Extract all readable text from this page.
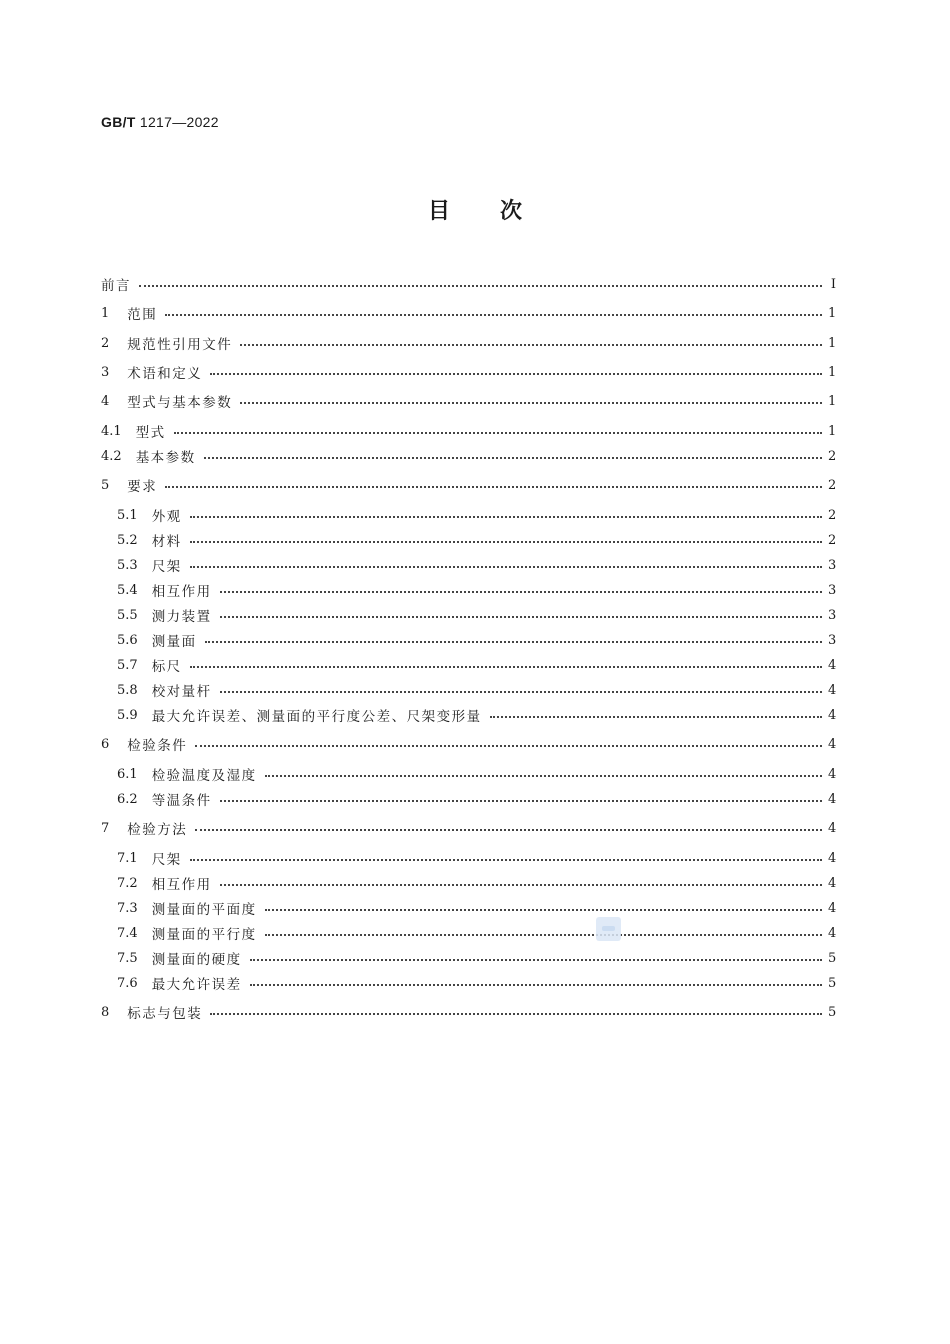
GB/T 1217—2022
目次
前言	Ⅰ
1 范围	1
2 规范性引用文件	1
3 术语和定义	1
4 型式与基本参数	1
4.1 型式	1
4.2 基本参数	2
5 要求	2
5.1 外观	2
5.2 材料	2
5.3 尺架	3
5.4 相互作用	3
5.5 测力装置	3
5.6 测量面	3
5.7 标尺	4
5.8 校对量杆	4
5.9 最大允许误差、测量面的平行度公差、尺架变形量	4
6 检验条件	4
6.1 检验温度及湿度	4
6.2 等温条件	4
7 检验方法	4
7.1 尺架	4
7.2 相互作用	4
7.3 测量面的平面度	4
7.4 测量面的平行度	4
7.5 测量面的硬度	5
7.6 最大允许误差	5
8 标志与包装	5
